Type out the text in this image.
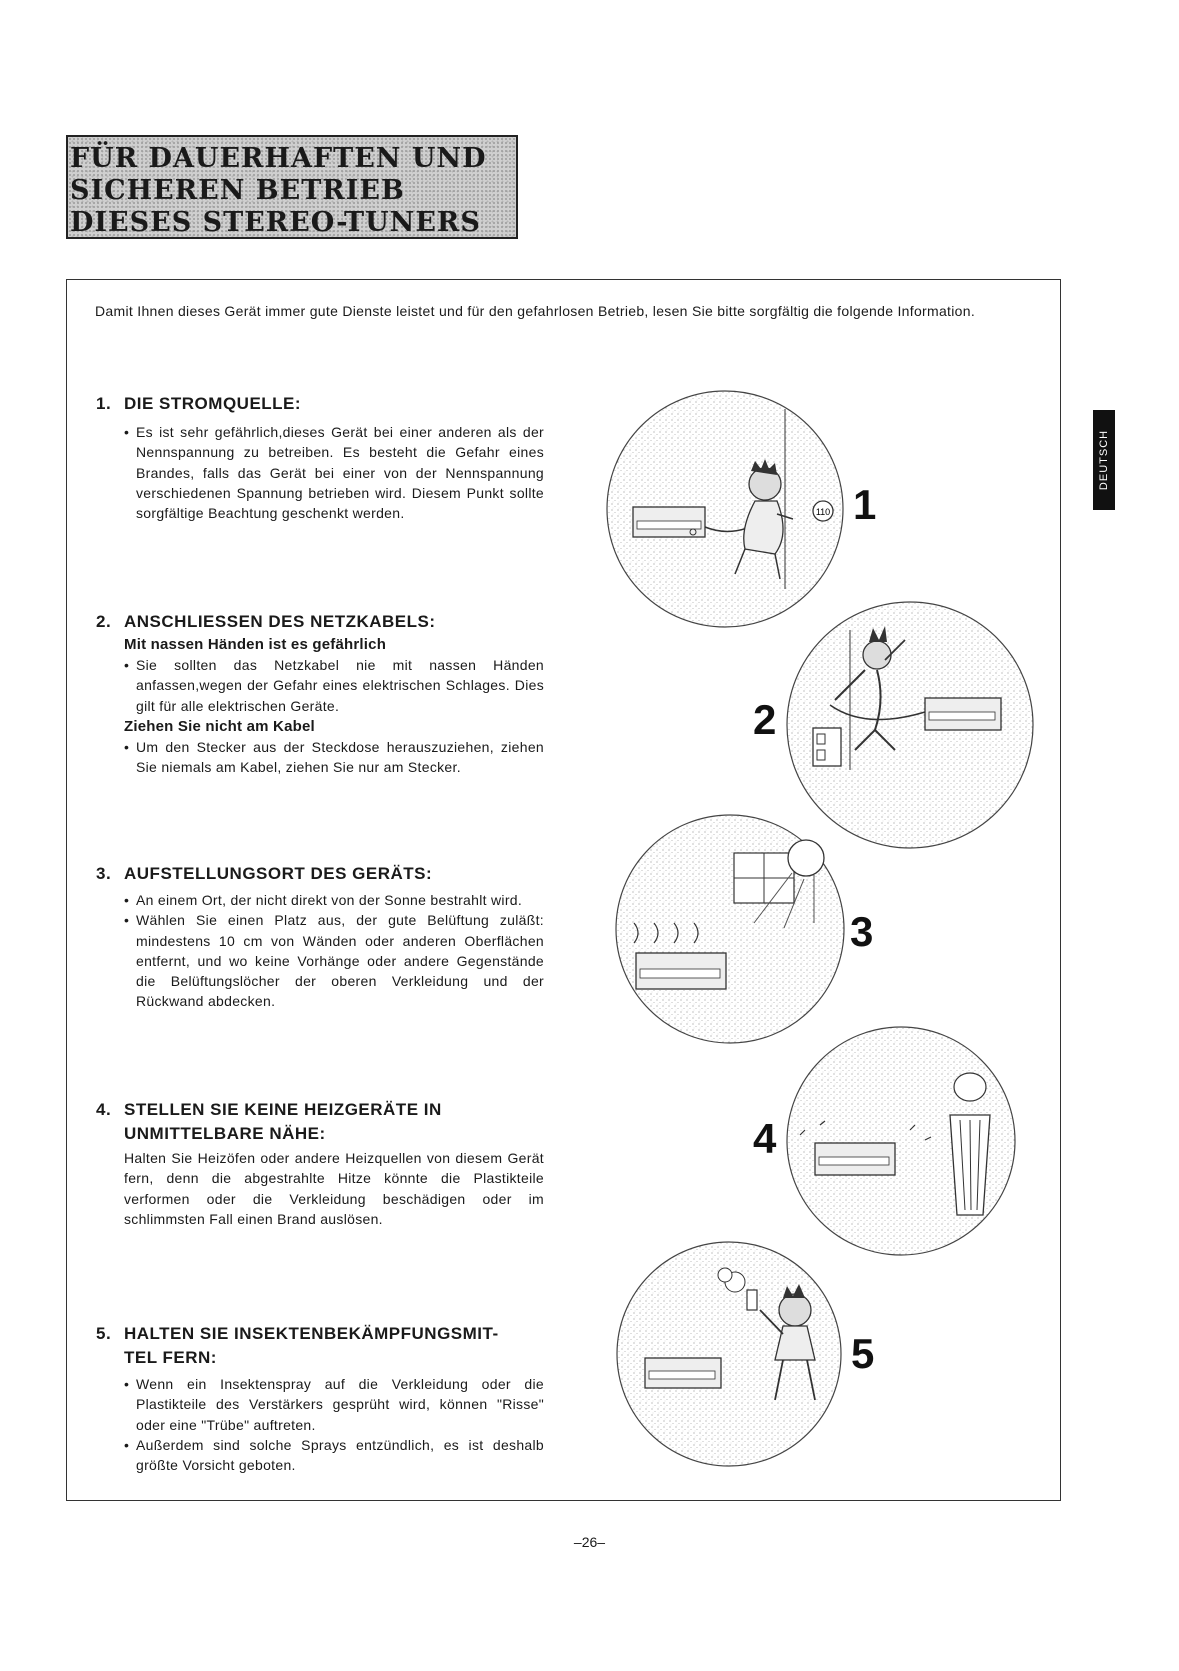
FÜR DAUERHAFTEN UND
SICHEREN BETRIEB
DIESES STEREO-TUNERS
DEUTSCH
Damit Ihnen dieses Gerät immer gute Dienste leistet und für den gefahrlosen Betrieb, lesen Sie bitte sorgfältig die folgende Information.
1. DIE STROMQUELLE:
• Es ist sehr gefährlich,dieses Gerät bei einer anderen als der Nennspannung zu betreiben. Es besteht die Gefahr eines Brandes, falls das Gerät bei einer von der Nennspannung verschiedenen Spannung betrieben wird. Diesem Punkt sollte sorgfältige Beachtung geschenkt werden.
2. ANSCHLIESSEN DES NETZKABELS:
Mit nassen Händen ist es gefährlich
• Sie sollten das Netzkabel nie mit nassen Händen anfassen,wegen der Gefahr eines elektrischen Schlages. Dies gilt für alle elektrischen Geräte.
Ziehen Sie nicht am Kabel
• Um den Stecker aus der Steckdose herauszuziehen, ziehen Sie niemals am Kabel, ziehen Sie nur am Stecker.
3. AUFSTELLUNGSORT DES GERÄTS:
• An einem Ort, der nicht direkt von der Sonne bestrahlt wird.
• Wählen Sie einen Platz aus, der gute Belüftung zuläßt: mindestens 10 cm von Wänden oder anderen Oberflächen entfernt, und wo keine Vorhänge oder andere Gegenstände die Belüftungslöcher der oberen Verkleidung und der Rückwand abdecken.
4. STELLEN SIE KEINE HEIZGERÄTE IN
UNMITTELBARE NÄHE:
Halten Sie Heizöfen oder andere Heizquellen von diesem Gerät fern, denn die abgestrahlte Hitze könnte die Plastikteile verformen oder die Verkleidung beschädigen oder im schlimmsten Fall einen Brand auslösen.
5. HALTEN SIE INSEKTENBEKÄMPFUNGSMIT-
TEL FERN:
• Wenn ein Insektenspray auf die Verkleidung oder die Plastikteile des Verstärkers gesprüht wird, können "Risse" oder eine "Trübe" auftreten.
• Außerdem sind solche Sprays entzündlich, es ist deshalb größte Vorsicht geboten.
110 1
2
3
4
5
–26–
